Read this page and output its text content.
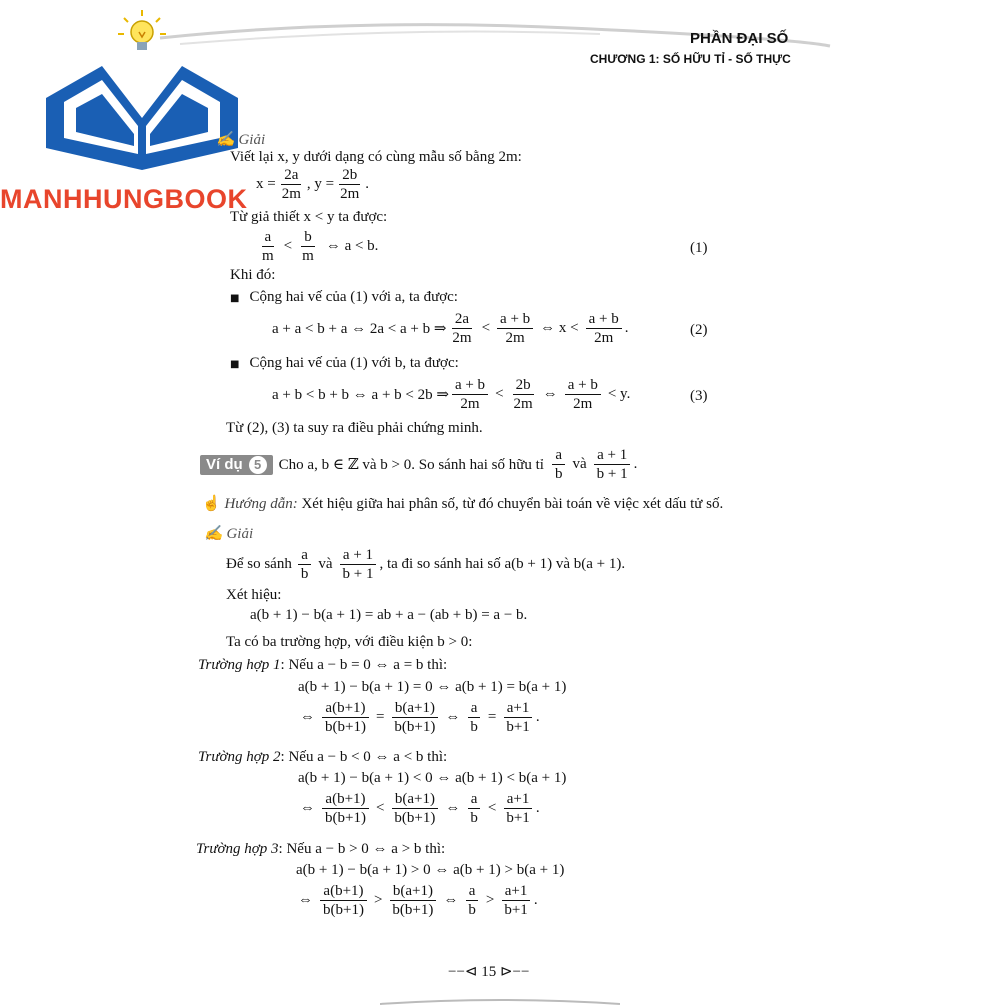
MANHHUNGBOOK
PHẦN ĐẠI SỐ
CHƯƠNG 1: SỐ HỮU TỈ - SỐ THỰC
✍ Giải
Viết lại x, y dưới dạng có cùng mẫu số bằng 2m:
$x = \frac{2a}{2m}$ , $y = \frac{2b}{2m}$ .
Từ giả thiết x < y ta được:
$\frac{a}{m} < \frac{b}{m}$ ⇔ a < b.	(1)
Khi đó:
■ Cộng hai vế của (1) với a, ta được:
a + a < b + a ⇔ 2a < a + b ⇒ $\frac{2a}{2m} < \frac{a + b}{2m}$ ⇔ $x < \frac{a + b}{2m}$ .	(2)
■ Cộng hai vế của (1) với b, ta được:
a + b < b + b ⇔ a + b < 2b ⇒ $\frac{a + b}{2m} < \frac{2b}{2m}$ ⇔ $\frac{a + b}{2m} < y$.	(3)
Từ (2), (3) ta suy ra điều phải chứng minh.
Ví dụ 5	Cho a, b ∈ ℤ và b > 0. So sánh hai số hữu tỉ $\frac{a}{b}$ và $\frac{a + 1}{b + 1}$ .
☝ Hướng dẫn: Xét hiệu giữa hai phân số, từ đó chuyển bài toán về việc xét dấu tử số.
✍ Giải
Để so sánh $\frac{a}{b}$ và $\frac{a + 1}{b + 1}$ , ta đi so sánh hai số a(b + 1) và b(a + 1).
Xét hiệu:
a(b + 1) − b(a + 1) = ab + a − (ab + b) = a − b.
Ta có ba trường hợp, với điều kiện b > 0:
Trường hợp 1: Nếu a − b = 0 ⇔ a = b thì:
a(b + 1) − b(a + 1) = 0 ⇔ a(b + 1) = b(a + 1)
⇔ $\frac{a(b+1)}{b(b+1)} = \frac{b(a+1)}{b(b+1)}$ ⇔ $\frac{a}{b} = \frac{a+1}{b+1}$ .
Trường hợp 2: Nếu a − b < 0 ⇔ a < b thì:
a(b + 1) − b(a + 1) < 0 ⇔ a(b + 1) < b(a + 1)
⇔ $\frac{a(b+1)}{b(b+1)} < \frac{b(a+1)}{b(b+1)}$ ⇔ $\frac{a}{b} < \frac{a+1}{b+1}$ .
Trường hợp 3: Nếu a − b > 0 ⇔ a > b thì:
a(b + 1) − b(a + 1) > 0 ⇔ a(b + 1) > b(a + 1)
⇔ $\frac{a(b+1)}{b(b+1)} > \frac{b(a+1)}{b(b+1)}$ ⇔ $\frac{a}{b} > \frac{a+1}{b+1}$ .
−−⊲ 15 ⊳−−
